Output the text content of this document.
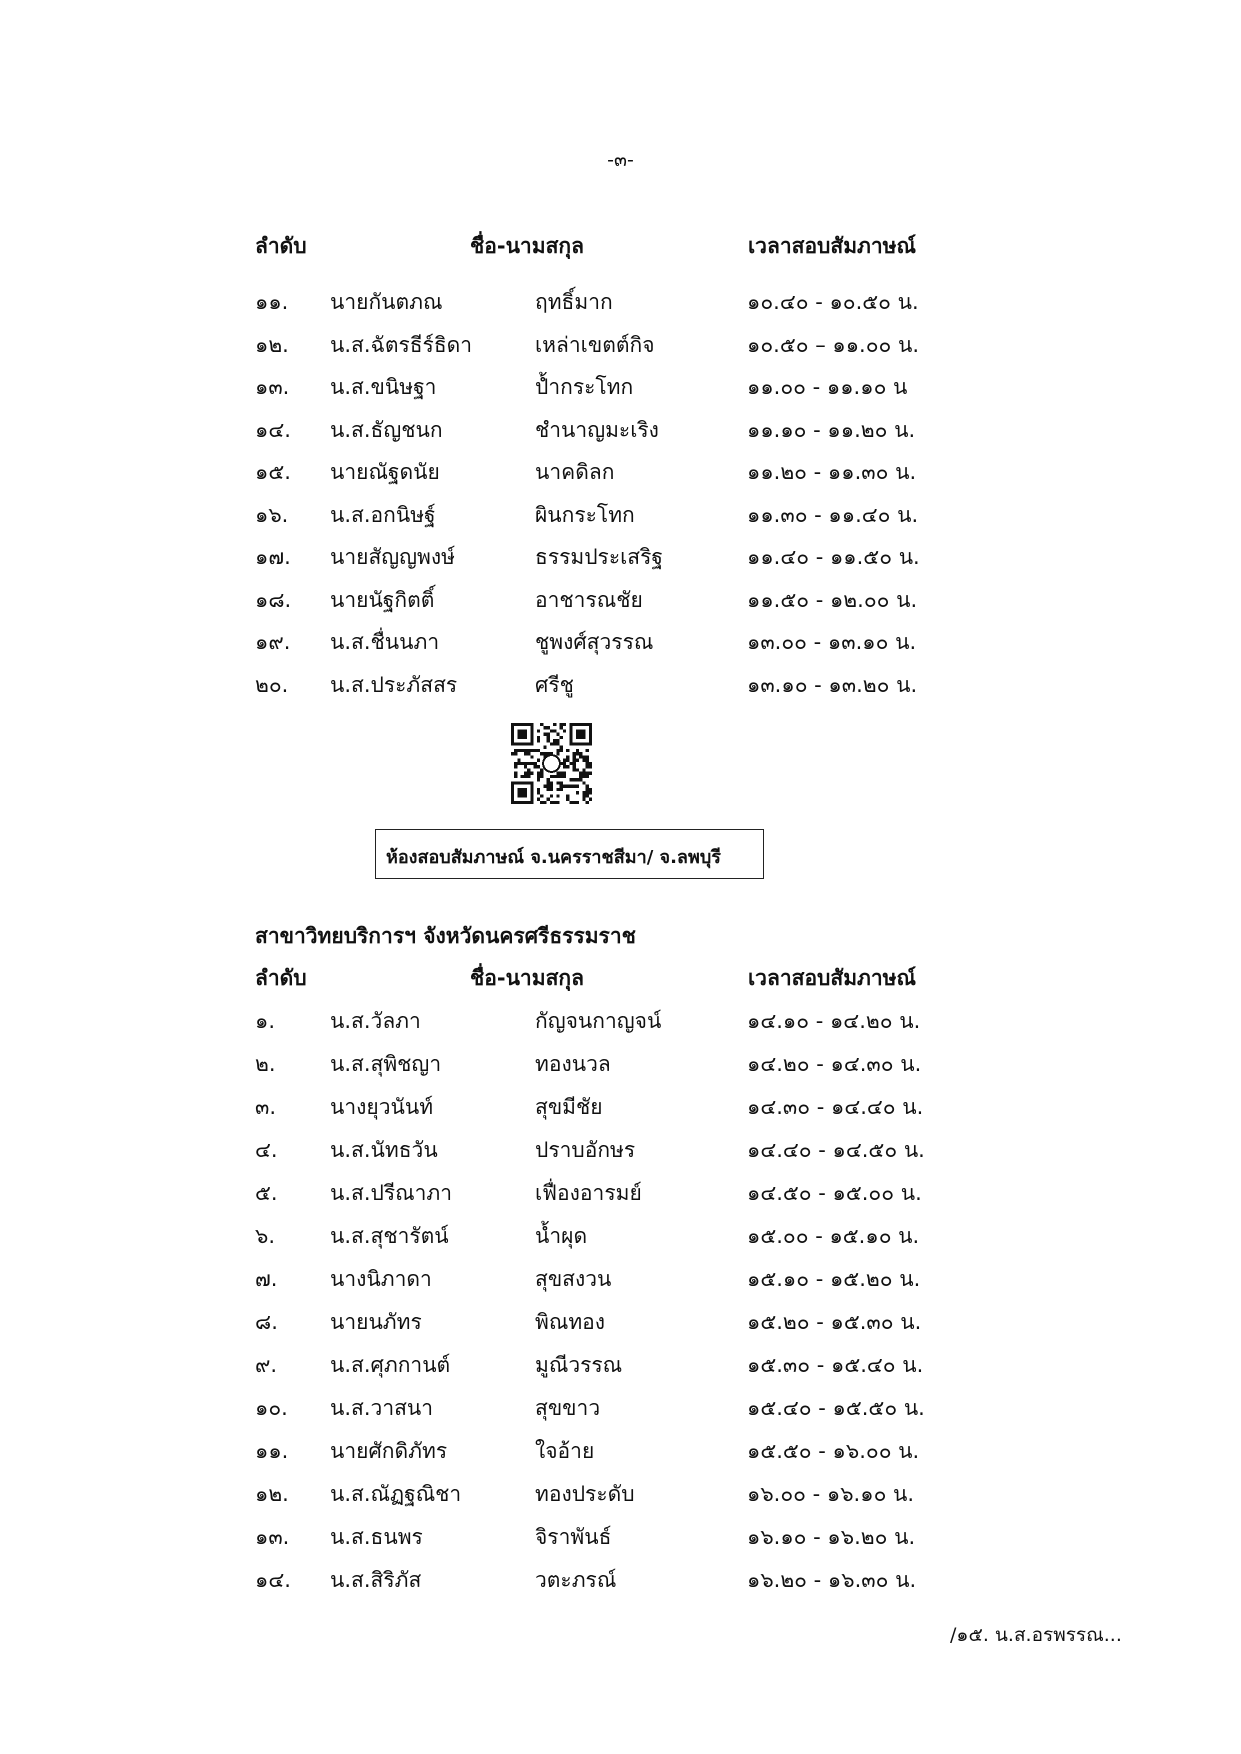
-๓-
ลำดับ	ชื่อ-นามสกุล	เวลาสอบสัมภาษณ์
๑๑. นายกันตภณ	ฤทธิ์มาก	๑๐.๔๐ - ๑๐.๕๐ น.
๑๒. น.ส.ฉัตรธีร์ธิดา	เหล่าเขตต์กิจ	๑๐.๕๐ – ๑๑.๐๐ น.
๑๓. น.ส.ขนิษฐา	ป้ำกระโทก	๑๑.๐๐ - ๑๑.๑๐ น
๑๔. น.ส.ธัญชนก	ชำนาญมะเริง	๑๑.๑๐ - ๑๑.๒๐ น.
๑๕. นายณัฐดนัย	นาคดิลก	๑๑.๒๐ - ๑๑.๓๐ น.
๑๖. น.ส.อกนิษฐ์	ผินกระโทก	๑๑.๓๐ - ๑๑.๔๐ น.
๑๗. นายสัญญพงษ์	ธรรมประเสริฐ	๑๑.๔๐ - ๑๑.๕๐ น.
๑๘. นายนัฐกิตติ์	อาชารณชัย	๑๑.๕๐ - ๑๒.๐๐ น.
๑๙. น.ส.ชื่นนภา	ชูพงศ์สุวรรณ	๑๓.๐๐ - ๑๓.๑๐ น.
๒๐. น.ส.ประภัสสร	ศรีชู	๑๓.๑๐ - ๑๓.๒๐ น.
ห้องสอบสัมภาษณ์ จ.นครราชสีมา/ จ.ลพบุรี
สาขาวิทยบริการฯ จังหวัดนครศรีธรรมราช
ลำดับ	ชื่อ-นามสกุล	เวลาสอบสัมภาษณ์
๑.	น.ส.วัลภา	กัญจนกาญจน์	๑๔.๑๐ - ๑๔.๒๐ น.
๒.	น.ส.สุพิชญา	ทองนวล	๑๔.๒๐ - ๑๔.๓๐ น.
๓.	นางยุวนันท์	สุขมีชัย	๑๔.๓๐ - ๑๔.๔๐ น.
๔. น.ส.นัทธวัน	ปราบอักษร	๑๔.๔๐ - ๑๔.๕๐ น.
๕. น.ส.ปรีณาภา	เฟื่องอารมย์	๑๔.๕๐ - ๑๕.๐๐ น.
๖.	น.ส.สุชารัตน์	น้ำผุด	๑๕.๐๐ - ๑๕.๑๐ น.
๗.	นางนิภาดา	สุขสงวน	๑๕.๑๐ - ๑๕.๒๐ น.
๘. นายนภัทร	พิณทอง	๑๕.๒๐ - ๑๕.๓๐ น.
๙.	น.ส.ศุภกานต์	มูณีวรรณ	๑๕.๓๐ - ๑๕.๔๐ น.
๑๐. น.ส.วาสนา	สุขขาว	๑๕.๔๐ - ๑๕.๕๐ น.
๑๑. นายศักดิภัทร	ใจอ้าย	๑๕.๕๐ - ๑๖.๐๐ น.
๑๒. น.ส.ณัฏฐณิชา	ทองประดับ	๑๖.๐๐ - ๑๖.๑๐ น.
๑๓. น.ส.ธนพร	จิราพันธ์	๑๖.๑๐ - ๑๖.๒๐ น.
๑๔. น.ส.สิริภัส	วตะภรณ์	๑๖.๒๐ - ๑๖.๓๐ น.
/๑๕. น.ส.อรพรรณ...
